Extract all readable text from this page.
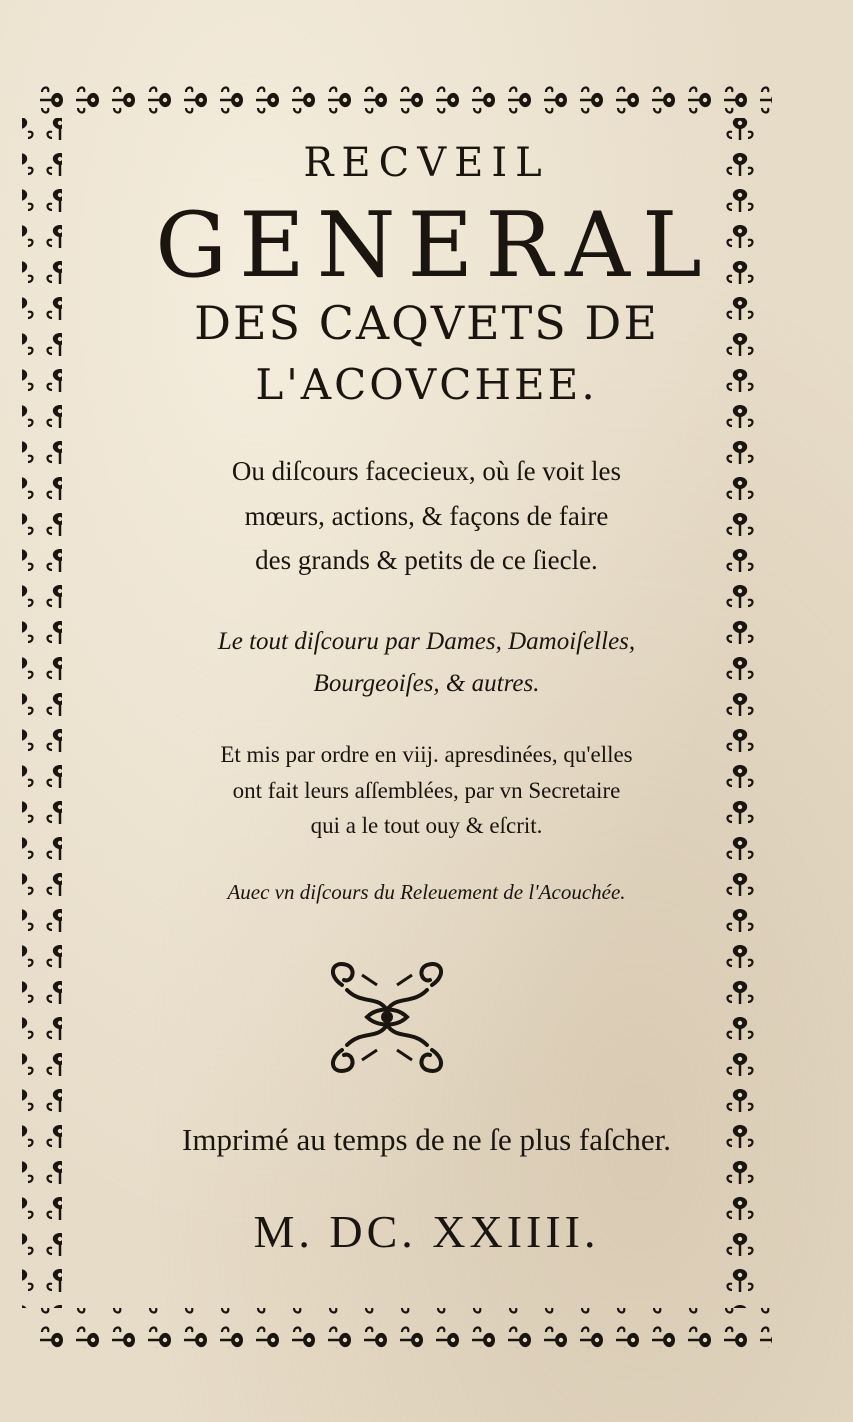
RECVEIL
GENERAL
DES CAQVETS DE
L'ACOVCHEE.
Ou diſcours facecieux, où ſe voit les
mœurs, actions, & façons de faire
des grands & petits de ce ſiecle.
Le tout diſcouru par Dames, Damoiſelles,
Bourgeoiſes, & autres.
Et mis par ordre en viij. apresdinées, qu'elles
ont fait leurs aſſemblées, par vn Secretaire
qui a le tout ouy & eſcrit.
Auec vn diſcours du Releuement de l'Acouchée.
Imprimé au temps de ne ſe plus faſcher.
M. DC. XXIIII.
